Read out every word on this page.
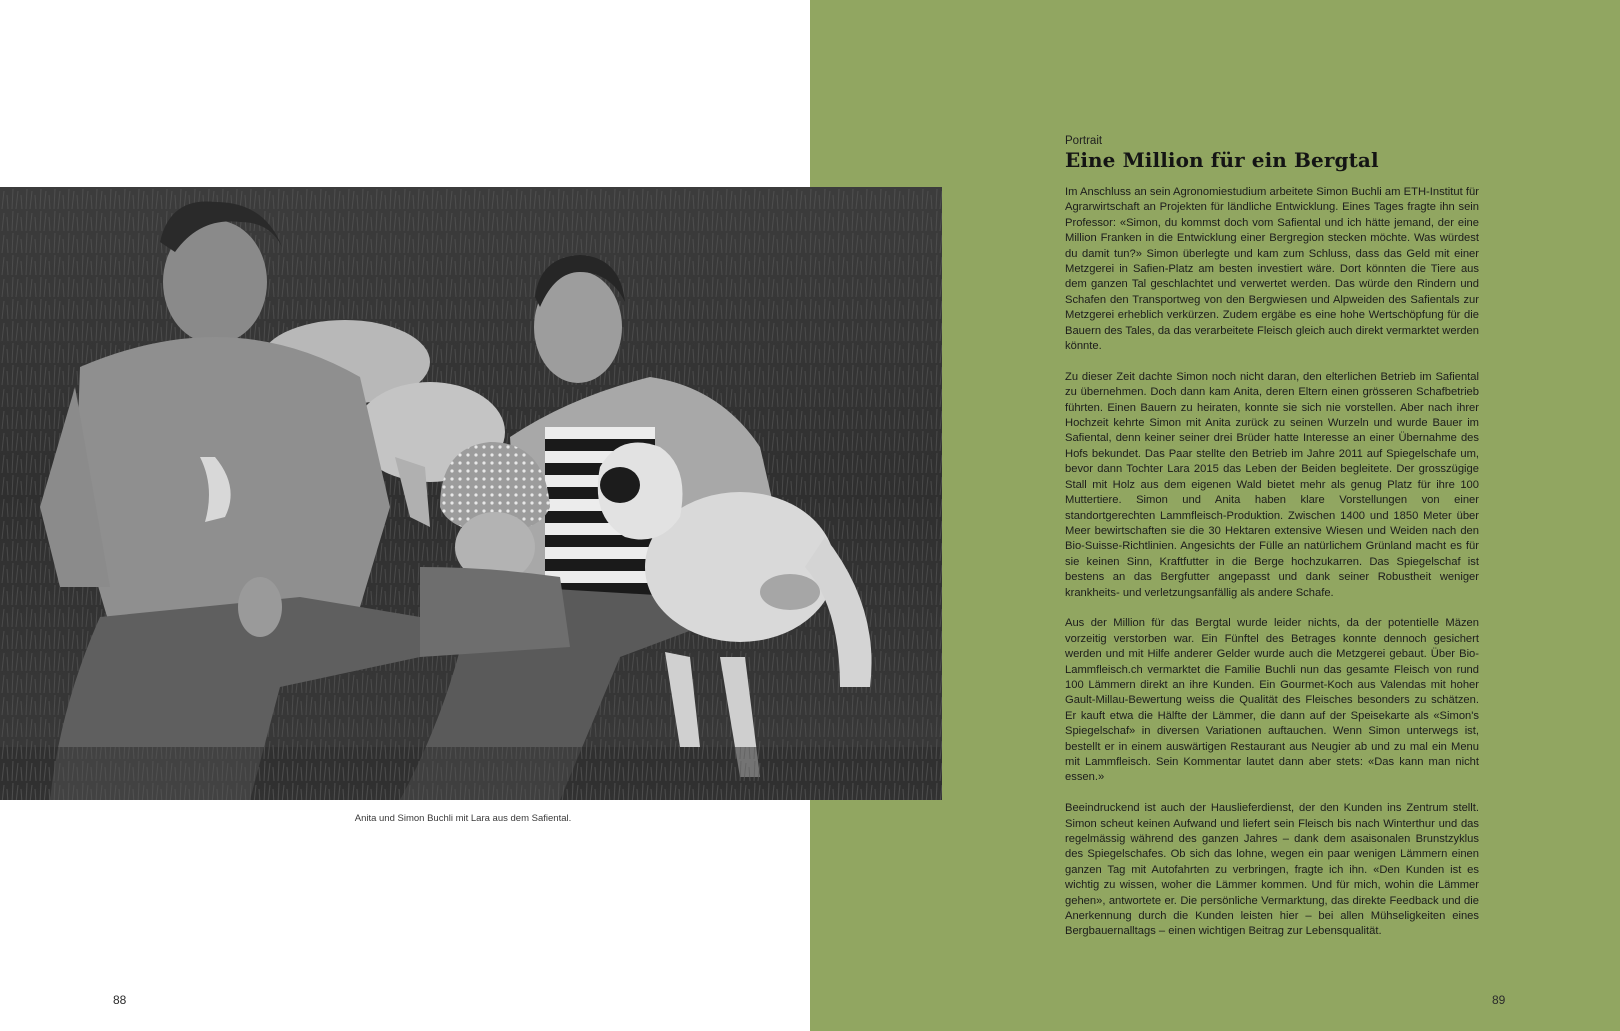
Anita und Simon Buchli mit Lara aus dem Safiental.
Portrait
Eine Million für ein Bergtal

Im Anschluss an sein Agronomiestudium arbeitete Simon Buchli am ETH-Institut für Agrarwirtschaft an Projekten für ländliche Entwicklung. Eines Tages fragte ihn sein Professor: «Simon, du kommst doch vom Safiental und ich hätte jemand, der eine Million Franken in die Entwicklung einer Bergregion stecken möchte. Was würdest du damit tun?» Simon überlegte und kam zum Schluss, dass das Geld mit einer Metzgerei in Safien-Platz am besten investiert wäre. Dort könnten die Tiere aus dem ganzen Tal geschlachtet und verwertet werden. Das würde den Rindern und Schafen den Transportweg von den Bergwiesen und Alpweiden des Safientals zur Metzgerei erheblich verkürzen. Zudem ergäbe es eine hohe Wertschöpfung für die Bauern des Tales, da das verarbeitete Fleisch gleich auch direkt vermarktet werden könnte.

Zu dieser Zeit dachte Simon noch nicht daran, den elterlichen Betrieb im Safiental zu übernehmen. Doch dann kam Anita, deren Eltern einen grösseren Schafbetrieb führten. Einen Bauern zu heiraten, konnte sie sich nie vorstellen. Aber nach ihrer Hochzeit kehrte Simon mit Anita zurück zu seinen Wurzeln und wurde Bauer im Safiental, denn keiner seiner drei Brüder hatte Interesse an einer Übernahme des Hofs bekundet. Das Paar stellte den Betrieb im Jahre 2011 auf Spiegelschafe um, bevor dann Tochter Lara 2015 das Leben der Beiden begleitete. Der grosszügige Stall mit Holz aus dem eigenen Wald bietet mehr als genug Platz für ihre 100 Muttertiere. Simon und Anita haben klare Vorstellungen von einer standortgerechten Lammfleisch-Produktion. Zwischen 1400 und 1850 Meter über Meer bewirtschaften sie die 30 Hektaren extensive Wiesen und Weiden nach den Bio-Suisse-Richtlinien. Angesichts der Fülle an natürlichem Grünland macht es für sie keinen Sinn, Kraftfutter in die Berge hochzukarren. Das Spiegelschaf ist bestens an das Bergfutter angepasst und dank seiner Robustheit weniger krankheits- und verletzungsanfällig als andere Schafe.

Aus der Million für das Bergtal wurde leider nichts, da der potentielle Mäzen vorzeitig verstorben war. Ein Fünftel des Betrages konnte dennoch gesichert werden und mit Hilfe anderer Gelder wurde auch die Metzgerei gebaut. Über Bio-Lammfleisch.ch vermarktet die Familie Buchli nun das gesamte Fleisch von rund 100 Lämmern direkt an ihre Kunden. Ein Gourmet-Koch aus Valendas mit hoher Gault-Millau-Bewertung weiss die Qualität des Fleisches besonders zu schätzen. Er kauft etwa die Hälfte der Lämmer, die dann auf der Speisekarte als «Simon's Spiegelschaf» in diversen Variationen auftauchen. Wenn Simon unterwegs ist, bestellt er in einem auswärtigen Restaurant aus Neugier ab und zu mal ein Menu mit Lammfleisch. Sein Kommentar lautet dann aber stets: «Das kann man nicht essen.»

Beeindruckend ist auch der Hauslieferdienst, der den Kunden ins Zentrum stellt. Simon scheut keinen Aufwand und liefert sein Fleisch bis nach Winterthur und das regelmässig während des ganzen Jahres – dank dem asaisonalen Brunstzyklus des Spiegelschafes. Ob sich das lohne, wegen ein paar wenigen Lämmern einen ganzen Tag mit Autofahrten zu verbringen, fragte ich ihn. «Den Kunden ist es wichtig zu wissen, woher die Lämmer kommen. Und für mich, wohin die Lämmer gehen», antwortete er. Die persönliche Vermarktung, das direkte Feedback und die Anerkennung durch die Kunden leisten hier – bei allen Mühseligkeiten eines Bergbauernalltags – einen wichtigen Beitrag zur Lebensqualität.

88	89
